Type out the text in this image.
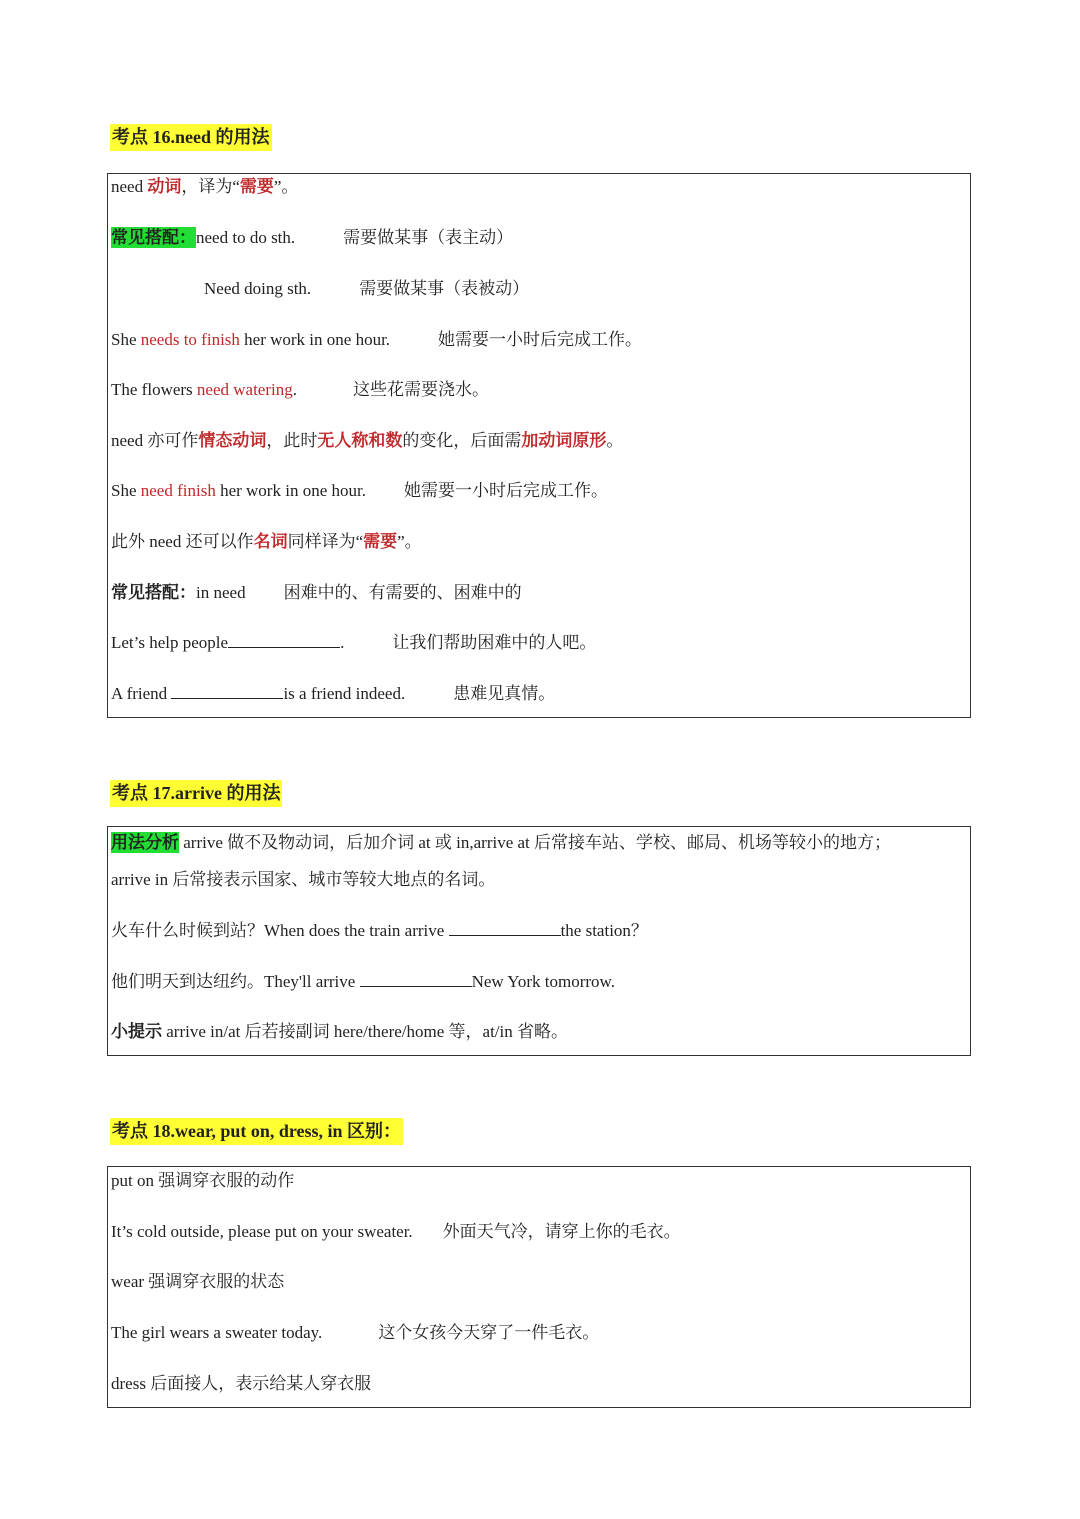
考点 16.need 的用法
need 动词，译为“需要”。
常见搭配：need to do sth.	需要做某事（表主动）
Need doing sth.	需要做某事（表被动）
She needs to finish her work in one hour.	她需要一小时后完成工作。
The flowers need watering.	这些花需要浇水。
need 亦可作情态动词，此时无人称和数的变化，后面需加动词原形。
She need finish her work in one hour. 她需要一小时后完成工作。
此外 need 还可以作名词同样译为“需要”。
常见搭配：in need 困难中的、有需要的、困难中的
Let’s help people	.	让我们帮助困难中的人吧。
A friend	is a friend indeed.	患难见真情。
考点 17.arrive 的用法
用法分析 arrive 做不及物动词，后加介词 at 或 in,arrive at 后常接车站、学校、邮局、机场等较小的地方；
arrive in 后常接表示国家、城市等较大地点的名词。
火车什么时候到站？When does the train arrive	the station？
他们明天到达纽约。They'll arrive	New York tomorrow.
小提示 arrive in/at 后若接副词 here/there/home 等，at/in 省略。
考点 18.wear, put on, dress, in 区别：
put on 强调穿衣服的动作
It’s cold outside, please put on your sweater. 外面天气冷，请穿上你的毛衣。
wear 强调穿衣服的状态
The girl wears a sweater today.	这个女孩今天穿了一件毛衣。
dress 后面接人，表示给某人穿衣服
